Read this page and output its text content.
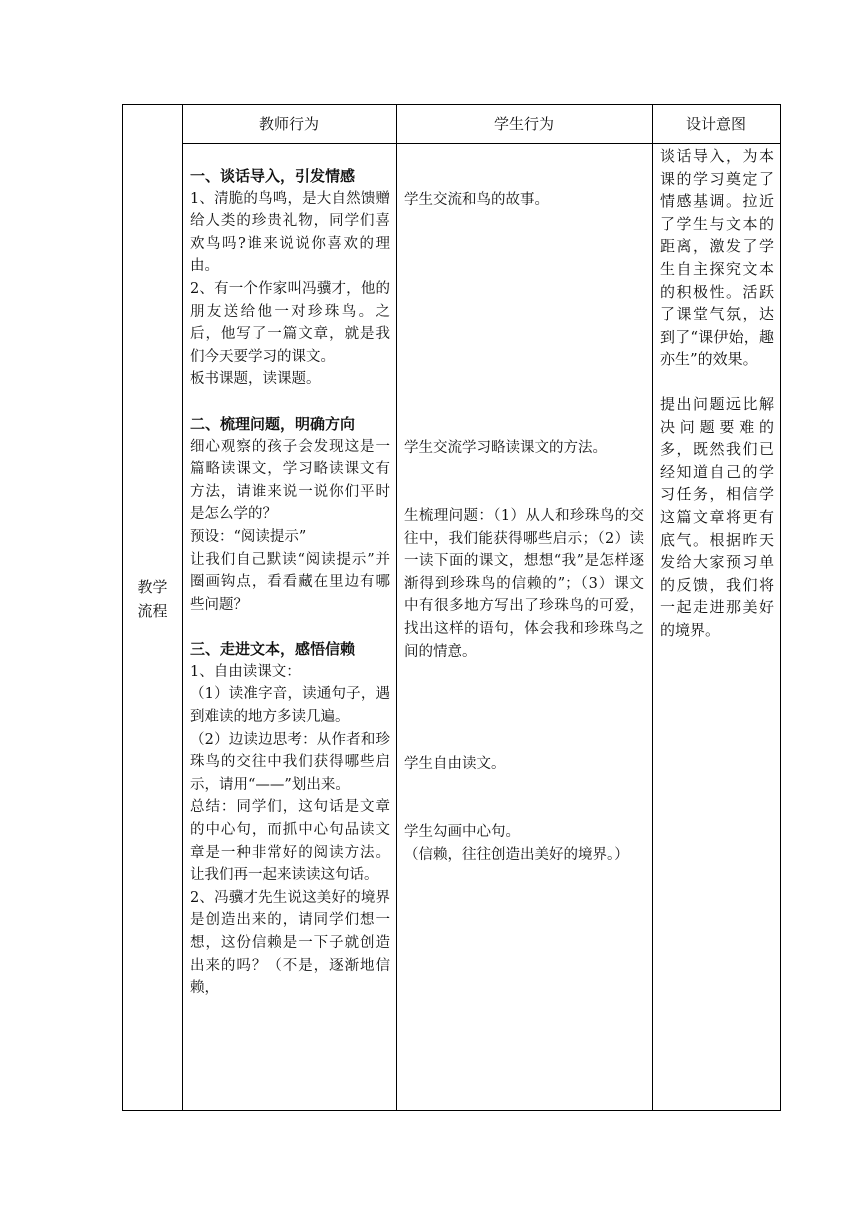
教师行为	学生行为	设计意图
教学
流程
一、谈话导入，引发情感

1、清脆的鸟鸣，是大自然馈赠给人类的珍贵礼物，同学们喜欢鸟吗?谁来说说你喜欢的理由。

2、有一个作家叫冯骥才，他的朋友送给他一对珍珠鸟。之后，他写了一篇文章，就是我们今天要学习的课文。

板书课题，读课题。

二、梳理问题，明确方向

细心观察的孩子会发现这是一篇略读课文，学习略读课文有方法，请谁来说一说你们平时是怎么学的？

预设：“阅读提示”

让我们自己默读“阅读提示”并圈画钩点，看看藏在里边有哪些问题？

三、走进文本，感悟信赖

1、自由读课文：

（1）读准字音，读通句子，遇到难读的地方多读几遍。

（2）边读边思考：从作者和珍珠鸟的交往中我们获得哪些启示，请用“——”划出来。

总结：同学们，这句话是文章的中心句，而抓中心句品读文章是一种非常好的阅读方法。让我们再一起来读读这句话。

2、冯骥才先生说这美好的境界是创造出来的，请同学们想一想，这份信赖是一下子就创造出来的吗？（不是，逐渐地信赖，

学生交流和鸟的故事。

学生交流学习略读课文的方法。

生梳理问题：（1）从人和珍珠鸟的交往中，我们能获得哪些启示；（2）读一读下面的课文，想想“我”是怎样逐渐得到珍珠鸟的信赖的”；（3）课文中有很多地方写出了珍珠鸟的可爱，找出这样的语句，体会我和珍珠鸟之间的情意。

学生自由读文。

学生勾画中心句。

（信赖，往往创造出美好的境界。）

谈话导入，为本课的学习奠定了情感基调。拉近了学生与文本的距离，激发了学生自主探究文本的积极性。活跃了课堂气氛，达到了“课伊始，趣亦生”的效果。

提出问题远比解决问题要难的多，既然我们已经知道自己的学习任务，相信学这篇文章将更有底气。根据昨天发给大家预习单的反馈，我们将一起走进那美好的境界。
